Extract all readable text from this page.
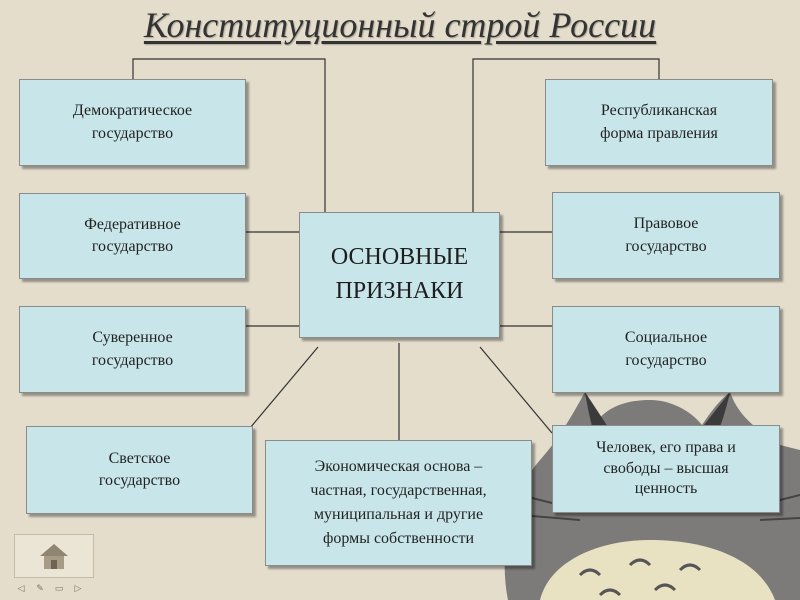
Конституционный строй России
ОСНОВНЫЕ
ПРИЗНАКИ
Демократическое
государство
Республиканская
форма правления
Федеративное
государство
Правовое
государство
Суверенное
государство
Социальное
государство
Светское
государство
Экономическая основа –
частная, государственная,
муниципальная и другие
формы собственности
Человек, его права и
свободы – высшая
ценность
◁	✎	▭	▷
